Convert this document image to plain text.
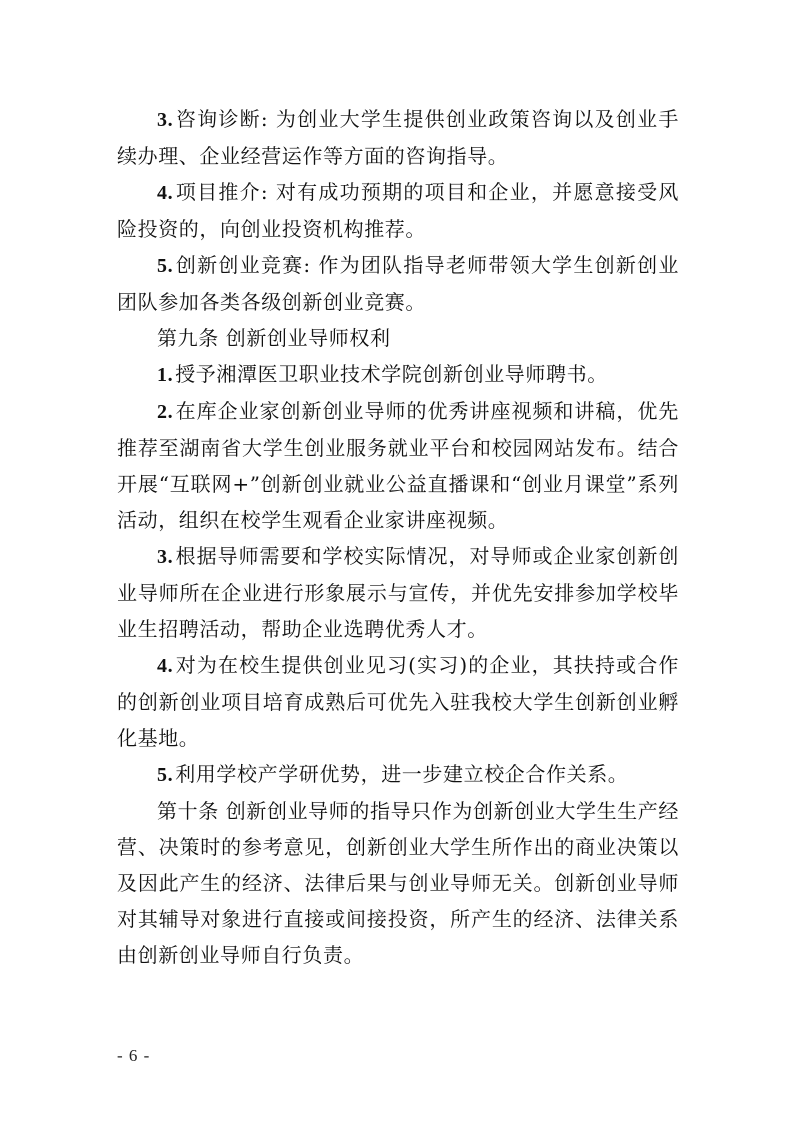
3. 咨询诊断: 为创业大学生提供创业政策咨询以及创业手续办理、企业经营运作等方面的咨询指导。

4. 项目推介: 对有成功预期的项目和企业，并愿意接受风险投资的，向创业投资机构推荐。

5. 创新创业竞赛: 作为团队指导老师带领大学生创新创业团队参加各类各级创新创业竞赛。

第九条 创新创业导师权利

1. 授予湘潭医卫职业技术学院创新创业导师聘书。

2. 在库企业家创新创业导师的优秀讲座视频和讲稿，优先推荐至湖南省大学生创业服务就业平台和校园网站发布。结合开展“互联网+”创新创业就业公益直播课和“创业月课堂”系列活动，组织在校学生观看企业家讲座视频。

3. 根据导师需要和学校实际情况，对导师或企业家创新创业导师所在企业进行形象展示与宣传，并优先安排参加学校毕业生招聘活动，帮助企业选聘优秀人才。

4. 对为在校生提供创业见习(实习)的企业，其扶持或合作的创新创业项目培育成熟后可优先入驻我校大学生创新创业孵化基地。

5. 利用学校产学研优势，进一步建立校企合作关系。

第十条 创新创业导师的指导只作为创新创业大学生生产经营、决策时的参考意见，创新创业大学生所作出的商业决策以及因此产生的经济、法律后果与创业导师无关。创新创业导师对其辅导对象进行直接或间接投资，所产生的经济、法律关系由创新创业导师自行负责。

- 6 -
